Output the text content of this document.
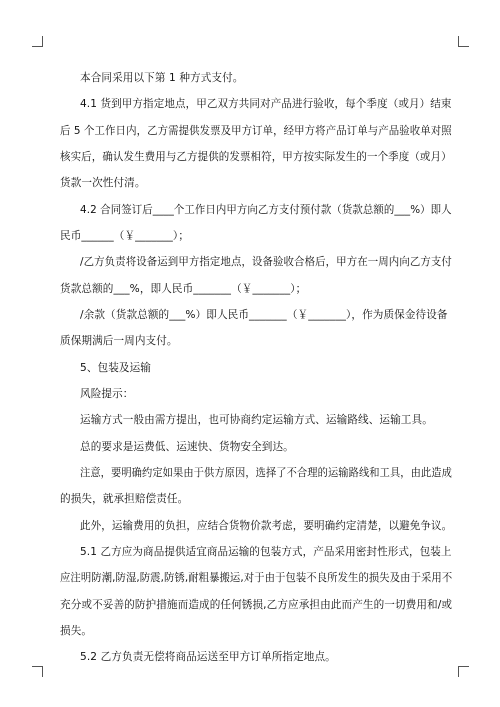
本合同采用以下第 1 种方式支付。
4.1 货到甲方指定地点，甲乙双方共同对产品进行验收，每个季度（或月）结束
后 5 个工作日内，乙方需提供发票及甲方订单，经甲方将产品订单与产品验收单对照
核实后，确认发生费用与乙方提供的发票相符，甲方按实际发生的一个季度（或月）
货款一次性付清。
4.2 合同签订后____个工作日内甲方向乙方支付预付款（货款总额的___%）即人
民币______（￥_______）；
/乙方负责将设备运到甲方指定地点，设备验收合格后，甲方在一周内向乙方支付
货款总额的___%，即人民币_______（￥_______）；
/余款（货款总额的___%）即人民币_______（￥_______），作为质保金待设备
质保期满后一周内支付。
5、包装及运输
风险提示：
运输方式一般由需方提出，也可协商约定运输方式、运输路线、运输工具。
总的要求是运费低、运速快、货物安全到达。
注意，要明确约定如果由于供方原因，选择了不合理的运输路线和工具，由此造成
的损失，就承担赔偿责任。
此外，运输费用的负担，应结合货物价款考虑，要明确约定清楚，以避免争议。
5.1 乙方应为商品提供适宜商品运输的包装方式，产品采用密封性形式，包装上
应注明防潮,防湿,防震,防锈,耐粗暴搬运,对于由于包装不良所发生的损失及由于采用不
充分或不妥善的防护措施而造成的任何锈损,乙方应承担由此而产生的一切费用和/或
损失。
5.2 乙方负责无偿将商品运送至甲方订单所指定地点。
